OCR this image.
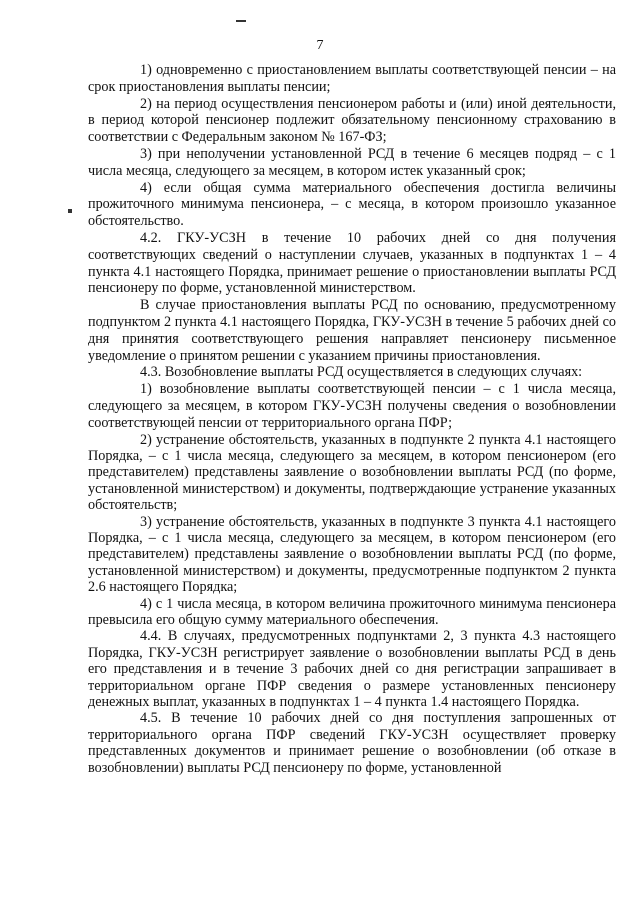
7

1) одновременно с приостановлением выплаты соответствующей пенсии – на срок приостановления выплаты пенсии;

2) на период осуществления пенсионером работы и (или) иной деятельности, в период которой пенсионер подлежит обязательному пенсионному страхованию в соответствии с Федеральным законом № 167-ФЗ;

3) при неполучении установленной РСД в течение 6 месяцев подряд – с 1 числа месяца, следующего за месяцем, в котором истек указанный срок;

4) если общая сумма материального обеспечения достигла величины прожиточного минимума пенсионера, – с месяца, в котором произошло указанное обстоятельство.

4.2. ГКУ-УСЗН в течение 10 рабочих дней со дня получения соответствующих сведений о наступлении случаев, указанных в подпунктах 1 – 4 пункта 4.1 настоящего Порядка, принимает решение о приостановлении выплаты РСД пенсионеру по форме, установленной министерством.

В случае приостановления выплаты РСД по основанию, предусмотренному подпунктом 2 пункта 4.1 настоящего Порядка, ГКУ-УСЗН в течение 5 рабочих дней со дня принятия соответствующего решения направляет пенсионеру письменное уведомление о принятом решении с указанием причины приостановления.

4.3. Возобновление выплаты РСД осуществляется в следующих случаях:

1) возобновление выплаты соответствующей пенсии – с 1 числа месяца, следующего за месяцем, в котором ГКУ-УСЗН получены сведения о возобновлении соответствующей пенсии от территориального органа ПФР;

2) устранение обстоятельств, указанных в подпункте 2 пункта 4.1 настоящего Порядка, – с 1 числа месяца, следующего за месяцем, в котором пенсионером (его представителем) представлены заявление о возобновлении выплаты РСД (по форме, установленной министерством) и документы, подтверждающие устранение указанных обстоятельств;

3) устранение обстоятельств, указанных в подпункте 3 пункта 4.1 настоящего Порядка, – с 1 числа месяца, следующего за месяцем, в котором пенсионером (его представителем) представлены заявление о возобновлении выплаты РСД (по форме, установленной министерством) и документы, предусмотренные подпунктом 2 пункта 2.6 настоящего Порядка;

4) с 1 числа месяца, в котором величина прожиточного минимума пенсионера превысила его общую сумму материального обеспечения.

4.4. В случаях, предусмотренных подпунктами 2, 3 пункта 4.3 настоящего Порядка, ГКУ-УСЗН регистрирует заявление о возобновлении выплаты РСД в день его представления и в течение 3 рабочих дней со дня регистрации запрашивает в территориальном органе ПФР сведения о размере установленных пенсионеру денежных выплат, указанных в подпунктах 1 – 4 пункта 1.4 настоящего Порядка.

4.5. В течение 10 рабочих дней со дня поступления запрошенных от территориального органа ПФР сведений ГКУ-УСЗН осуществляет проверку представленных документов и принимает решение о возобновлении (об отказе в возобновлении) выплаты РСД пенсионеру по форме, установленной
